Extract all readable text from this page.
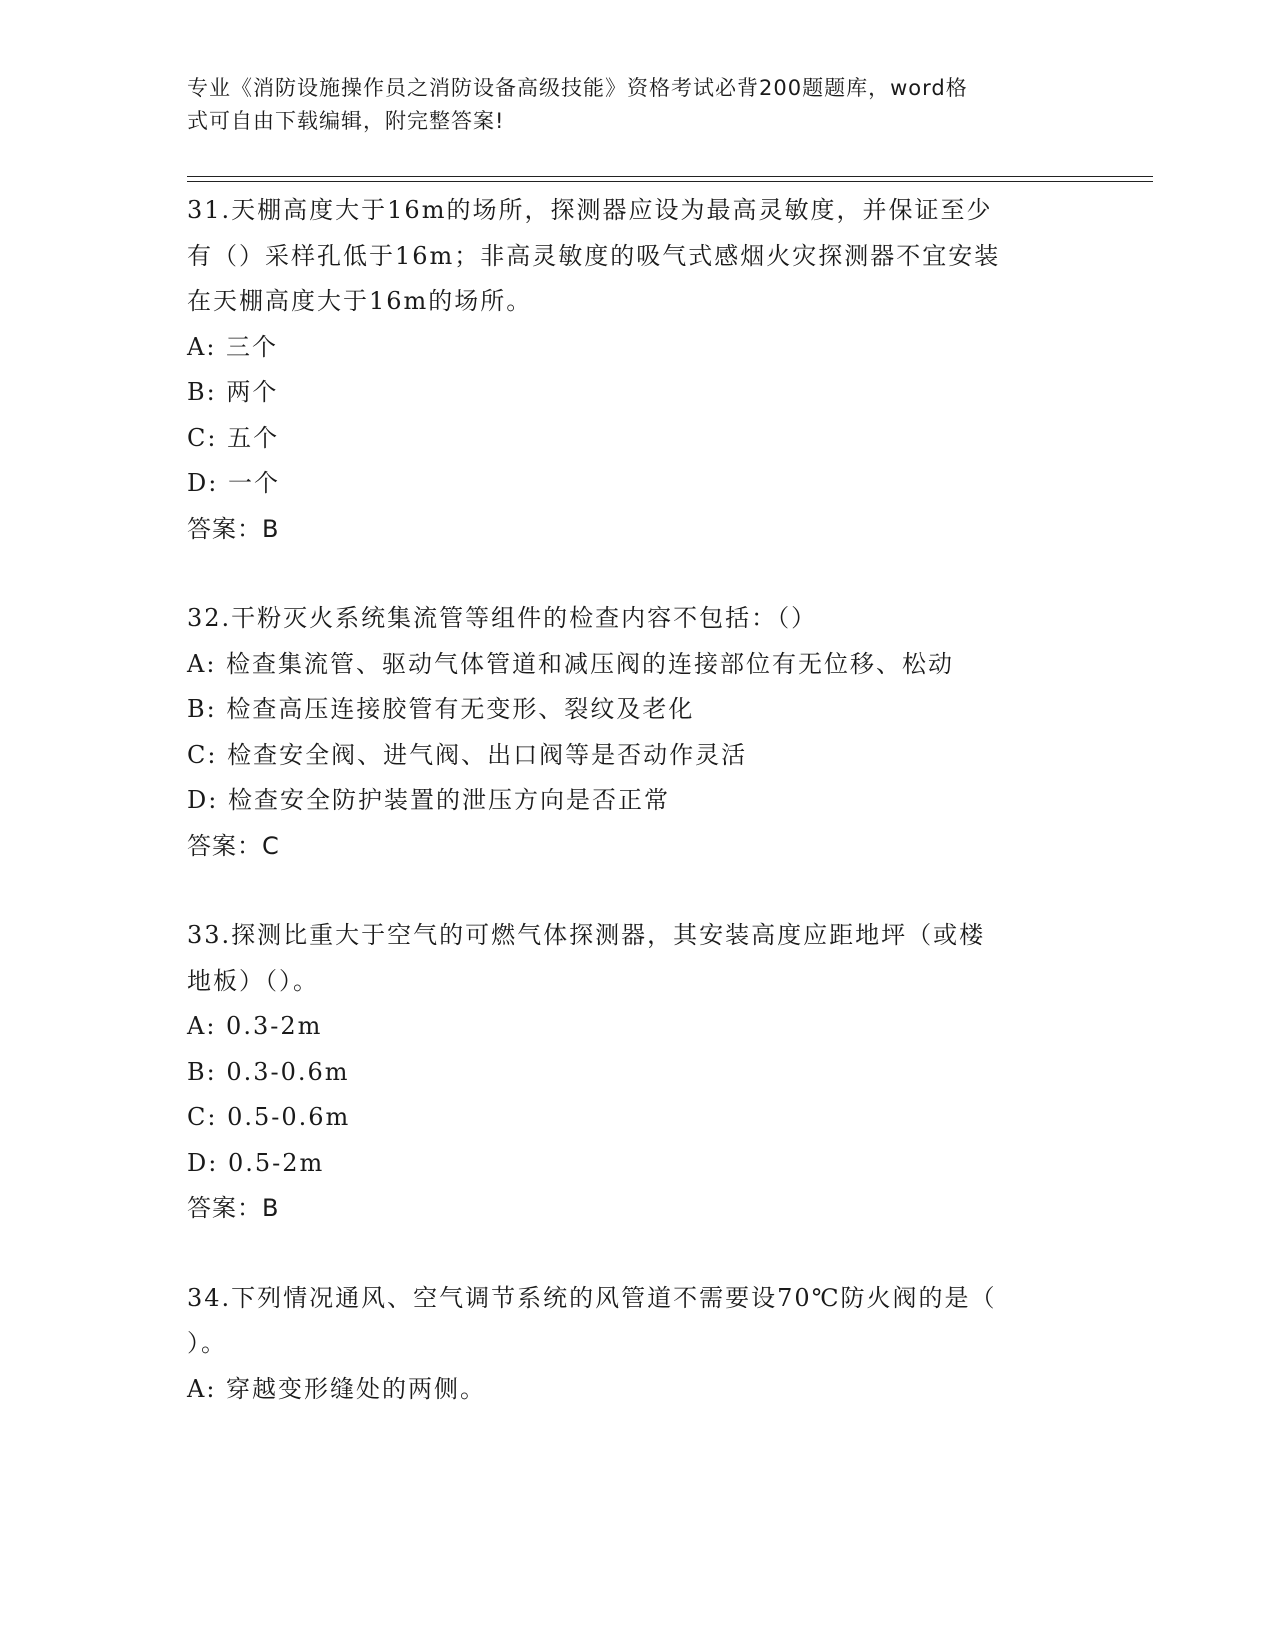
专业《消防设施操作员之消防设备高级技能》资格考试必背200题题库，word格
式可自由下载编辑，附完整答案!
31.天棚高度大于16m的场所，探测器应设为最高灵敏度，并保证至少
有（）采样孔低于16m；非高灵敏度的吸气式感烟火灾探测器不宜安装
在天棚高度大于16m的场所。
A: 三个
B: 两个
C: 五个
D: 一个
答案：B
32.干粉灭火系统集流管等组件的检查内容不包括：（）
A: 检查集流管、驱动气体管道和减压阀的连接部位有无位移、松动
B: 检查高压连接胶管有无变形、裂纹及老化
C: 检查安全阀、进气阀、出口阀等是否动作灵活
D: 检查安全防护装置的泄压方向是否正常
答案：C
33.探测比重大于空气的可燃气体探测器，其安装高度应距地坪（或楼
地板）（）。
A: 0.3-2m
B: 0.3-0.6m
C: 0.5-0.6m
D: 0.5-2m
答案：B
34.下列情况通风、空气调节系统的风管道不需要设70℃防火阀的是（
）。
A: 穿越变形缝处的两侧。
